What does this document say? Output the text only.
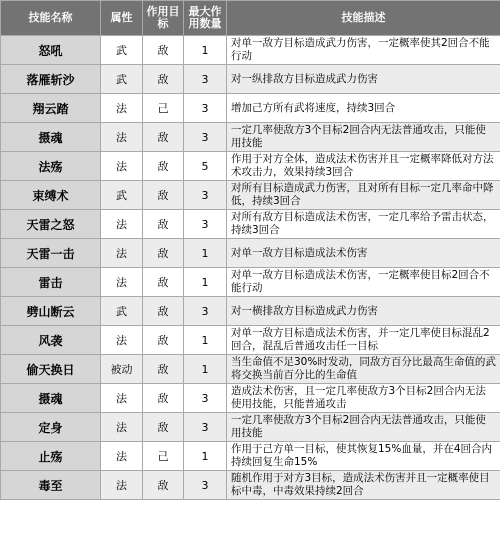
技能名称	属性	作用目标	最大作用数量	技能描述
怒吼	武	敌	1	对单一敌方目标造成武力伤害，一定概率使其2回合不能行动
落雁斩沙	武	敌	3	对一纵排敌方目标造成武力伤害
翔云踏	法	己	3	增加己方所有武将速度，持续3回合
摄魂	法	敌	3	一定几率使敌方3个目标2回合内无法普通攻击，只能使用技能
法殇	法	敌	5	作用于对方全体，造成法术伤害并且一定概率降低对方法术攻击力，效果持续3回合
束缚术	武	敌	3	对所有目标造成武力伤害，且对所有目标一定几率命中降低，持续3回合
天雷之怒	法	敌	3	对所有敌方目标造成法术伤害，一定几率给予雷击状态，持续3回合
天雷一击	法	敌	1	对单一敌方目标造成法术伤害
雷击	法	敌	1	对单一敌方目标造成法术伤害，一定概率使目标2回合不能行动
劈山断云	武	敌	3	对一横排敌方目标造成武力伤害
风袭	法	敌	1	对单一敌方目标造成法术伤害，并一定几率使目标混乱2回合，混乱后普通攻击任一目标
偷天换日	被动	敌	1	当生命值不足30%时发动，同敌方百分比最高生命值的武将交换当前百分比的生命值
摄魂	法	敌	3	造成法术伤害，且一定几率使敌方3个目标2回合内无法使用技能，只能普通攻击
定身	法	敌	3	一定几率使敌方3个目标2回合内无法普通攻击，只能使用技能
止殇	法	己	1	作用于己方单一目标，使其恢复15%血量，并在4回合内持续回复生命15%
毒至	法	敌	3	随机作用于对方3目标，造成法术伤害并且一定概率使目标中毒，中毒效果持续2回合
